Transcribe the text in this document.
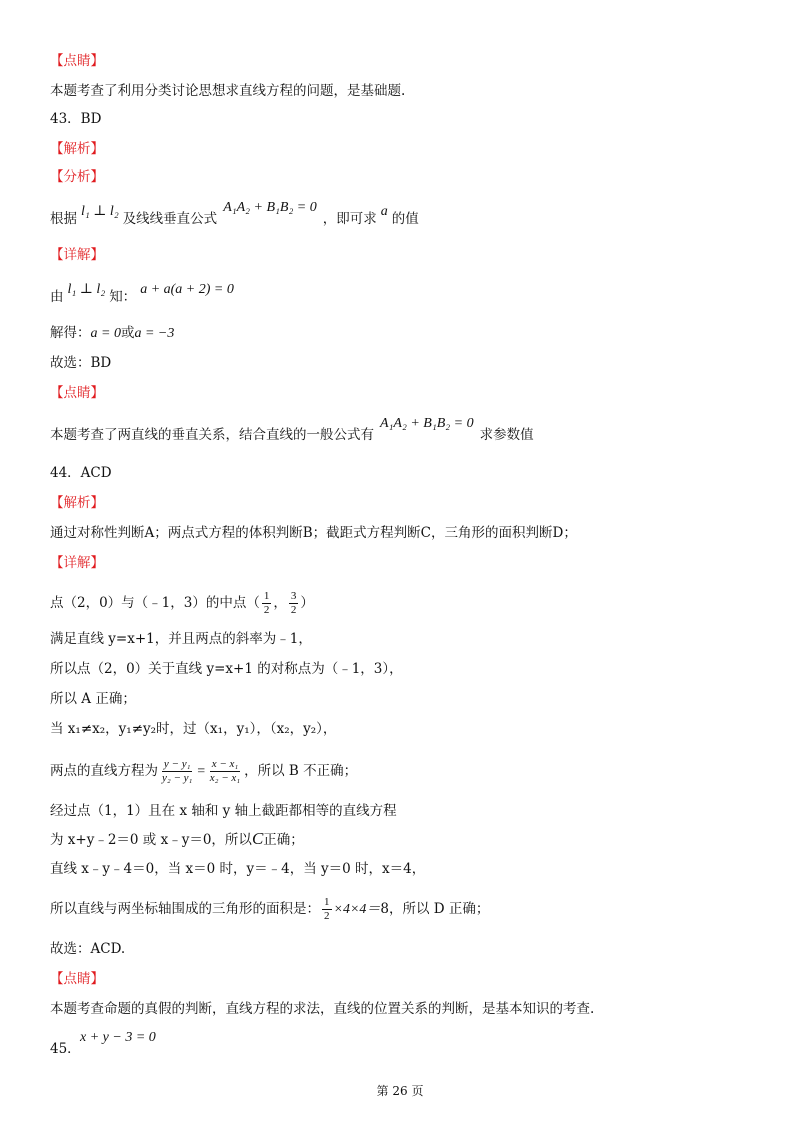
【点睛】
本题考查了利用分类讨论思想求直线方程的问题，是基础题.
43．BD
【解析】
【分析】
根据 l₁ ⊥ l₂ 及线线垂直公式A₁A₂ + B₁B₂ = 0，即可求 a 的值
【详解】
由 l₁ ⊥ l₂ 知： a + a(a + 2) = 0
解得：a = 0或a = −3
故选：BD
【点睛】
本题考查了两直线的垂直关系，结合直线的一般公式有A₁A₂ + B₁B₂ = 0求参数值
44．ACD
【解析】
通过对称性判断A；两点式方程的体积判断B；截距式方程判断C，三角形的面积判断D；
【详解】
点（2，0）与（﹣1，3）的中点（ $\frac{1}{2}$ ， $\frac{3}{2}$ ）
满足直线 y=x+1，并且两点的斜率为﹣1，
所以点（2，0）关于直线 y=x+1 的对称点为（﹣1，3），
所以 A 正确；
当 x₁≠x₂，y₁≠y₂时，过（x₁，y₁），（x₂，y₂），
两点的直线方程为 $\frac{\text{y − y₁}}{\text{y₂ − y₁}} = \frac{\text{x − x₁}}{\text{x₂ − x₁}}$ ，所以 B 不正确；
经过点（1，1）且在 x 轴和 y 轴上截距都相等的直线方程
为 x+y﹣2＝0 或 x﹣y＝0，所以C正确；
直线 x﹣y﹣4＝0，当 x＝0 时，y＝﹣4，当 y＝0 时，x＝4，
所以直线与两坐标轴围成的三角形的面积是： $\frac{1}{2} \times 4\times 4=8$，所以 D 正确；
故选：ACD.
【点睛】
本题考查命题的真假的判断，直线方程的求法，直线的位置关系的判断，是基本知识的考查.
x + y − 3 = 0
45．
第 26 页
